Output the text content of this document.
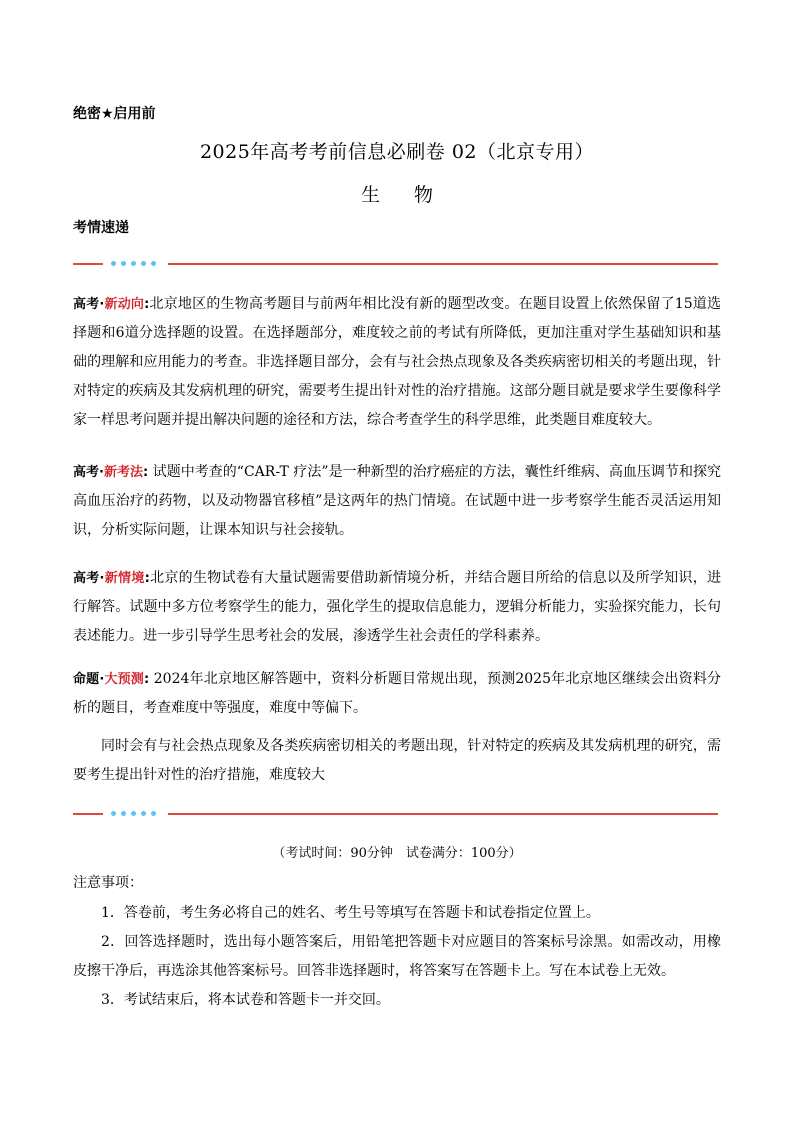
绝密★启用前
2025年高考考前信息必刷卷 02（北京专用）
生 物
考情速递

高考·新动向:北京地区的生物高考题目与前两年相比没有新的题型改变。在题目设置上依然保留了15道选择题和6道分选择题的设置。在选择题部分，难度较之前的考试有所降低，更加注重对学生基础知识和基础的理解和应用能力的考查。非选择题目部分，会有与社会热点现象及各类疾病密切相关的考题出现，针对特定的疾病及其发病机理的研究，需要考生提出针对性的治疗措施。这部分题目就是要求学生要像科学家一样思考问题并提出解决问题的途径和方法，综合考查学生的科学思维，此类题目难度较大。

高考·新考法: 试题中考查的“CAR-T 疗法”是一种新型的治疗癌症的方法，囊性纤维病、高血压调节和探究高血压治疗的药物，以及动物器官移植”是这两年的热门情境。在试题中进一步考察学生能否灵活运用知识，分析实际问题，让课本知识与社会接轨。

高考·新情境:北京的生物试卷有大量试题需要借助新情境分析，并结合题目所给的信息以及所学知识，进行解答。试题中多方位考察学生的能力，强化学生的提取信息能力，逻辑分析能力，实验探究能力，长句表述能力。进一步引导学生思考社会的发展，渗透学生社会责任的学科素养。

命题·大预测: 2024年北京地区解答题中，资料分析题目常规出现，预测2025年北京地区继续会出资料分析的题目，考查难度中等强度，难度中等偏下。

同时会有与社会热点现象及各类疾病密切相关的考题出现，针对特定的疾病及其发病机理的研究，需要考生提出针对性的治疗措施，难度较大

（考试时间：90分钟　试卷满分：100分）
注意事项：

1．答卷前，考生务必将自己的姓名、考生号等填写在答题卡和试卷指定位置上。

2．回答选择题时，选出每小题答案后，用铅笔把答题卡对应题目的答案标号涂黑。如需改动，用橡皮擦干净后，再选涂其他答案标号。回答非选择题时，将答案写在答题卡上。写在本试卷上无效。

3．考试结束后，将本试卷和答题卡一并交回。
